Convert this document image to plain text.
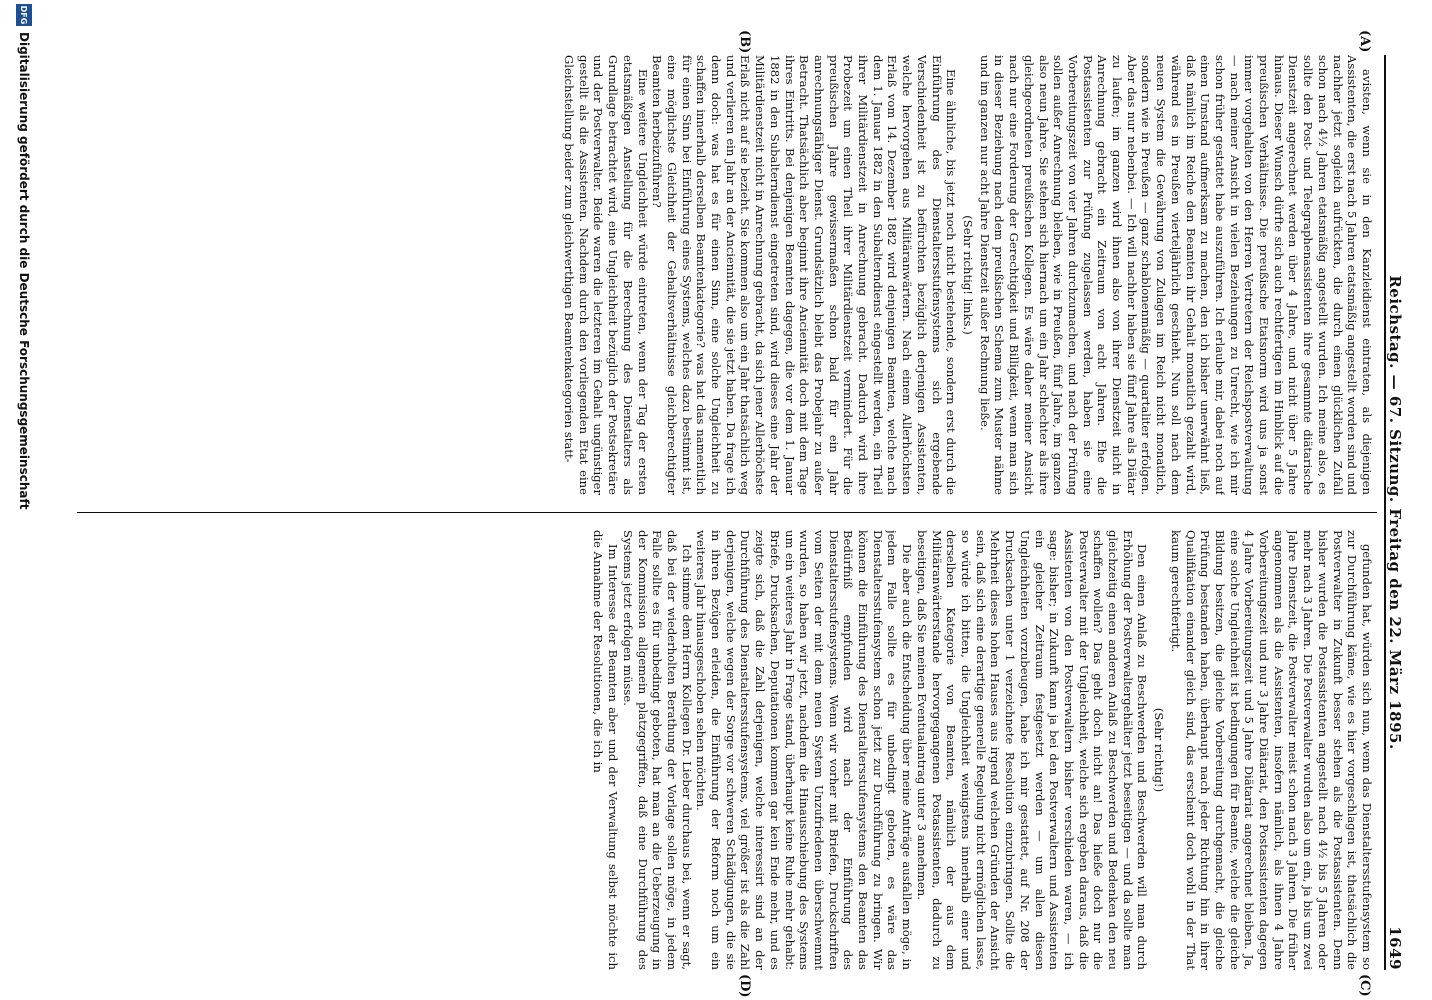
Reichstag. — 67. Sitzung. Freitag den 22. März 1895.
1649
(A)
(B)
(C)
(D)

avisten, wenn sie in den Kanzleidienst eintraten, als diejenigen Assistenten, die erst nach 5 Jahren etatsmäßig angestellt worden sind und nachher jetzt sogleich aufrückten, die durch einen glücklichen Zufall schon nach 4½ Jahren etatsmäßig angestellt wurden. Ich meine also, es sollte den Post- und Telegraphenassistenten ihre gesammte diätarische Dienstzeit angerechnet werden über 4 Jahre, und nicht über 5 Jahre hinaus. Dieser Wunsch dürfte sich auch rechtfertigen im Hinblick auf die preußischen Verhältnisse. Die preußische Etatsnorm wird uns ja sonst immer vorgehalten von den Herren Vertretern der Reichspostverwaltung — nach meiner Ansicht in vielen Beziehungen zu Unrecht, wie ich mir schon früher gestattet habe auszuführen. Ich erlaube mir, dabei noch auf einen Umstand aufmerksam zu machen, den ich bisher unerwähnt ließ, daß nämlich im Reiche den Beamten ihr Gehalt monatlich gezahlt wird, während es in Preußen vierteljährlich geschieht. Nun soll nach dem neuen System die Gewährung von Zulagen im Reich nicht monatlich, sondern wie in Preußen — ganz schablonenmäßig — quartaliter erfolgen. Aber das nur nebenbei. — Ich will nachher haben sie fünf Jahre als Diätar zu laufen; im ganzen wird ihnen also von ihrer Dienstzeit nicht in Anrechnung gebracht ein Zeitraum von acht Jahren. Ehe die Postassistenten zur Prüfung zugelassen werden, haben sie eine Vorbereitungszeit von vier Jahren durchzumachen, und nach der Prüfung sollen außer Anrechnung bleiben, wie in Preußen, fünf Jahre, im ganzen also neun Jahre. Sie stehen sich hiernach um ein Jahr schlechter als ihre gleichgeordneten preußischen Kollegen. Es wäre daher meiner Ansicht nach nur eine Forderung der Gerechtigkeit und Billigkeit, wenn man sich in dieser Beziehung nach dem preußischen Schema zum Muster nähme und im ganzen nur acht Jahre Dienstzeit außer Rechnung ließe.

(Sehr richtig! links.)

Eine ähnliche, bis jetzt noch nicht bestehende, sondern erst durch die Einführung des Dienstaltersstufensystems sich ergebende Verschiedenheit ist zu befürchten bezüglich derjenigen Assistenten, welche hervorgehen aus Militäranwärtern. Nach einem Allerhöchsten Erlaß vom 14. Dezember 1882 wird denjenigen Beamten, welche nach dem 1. Januar 1882 in den Subalterndienst eingestellt werden, ein Theil ihrer Militärdienstzeit in Anrechnung gebracht. Dadurch wird ihre Probezeit um einen Theil ihrer Militärdienstzeit vermindert. Für die preußischen Jahre gewissermaßen schon bald für ein Jahr anrechnungsfähiger Dienst. Grundsätzlich bleibt das Probejahr zu außer Betracht. Thatsächlich aber beginnt ihre Anciennität doch mit dem Tage ihres Eintritts. Bei denjenigen Beamten dagegen, die vor dem 1. Januar 1882 in den Subalterndienst eingetreten sind, wird dieses eine Jahr der Militärdienstzeit nicht in Anrechnung gebracht, da sich jener Allerhöchste Erlaß nicht auf sie bezieht. Sie kommen also um ein Jahr thatsächlich weg und verlieren ein Jahr an der Anciennität, die sie jetzt haben. Da frage ich denn doch: was hat es für einen Sinn, eine solche Ungleichheit zu schaffen innerhalb derselben Beamtenkategorie? was hat das namentlich für einen Sinn bei Einführung eines Systems, welches dazu bestimmt ist, eine möglichste Gleichheit der Gehaltsverhältnisse gleichberechtigter Beamten herbeizuführen?

Eine weitere Ungleichheit würde eintreten, wenn der Tag der ersten etatsmäßigen Anstellung für die Berechnung des Dienstalters als Grundlage betrachtet wird, eine Ungleichheit bezüglich der Postsekretäre und der Postverwalter. Beide waren die letzteren im Gehalt ungünstiger gestellt als die Assistenten. Nachdem durch den vorliegenden Etat eine Gleichstellung beider zum gleichwerthigen Beamtenkategorien statt-

gefunden hat, würden sich nun, wenn das Dienstaltersstufensystem so zur Durchführung käme, wie es hier vorgeschlagen ist, thatsächlich die Postverwalter in Zukunft besser stehen als die Postassistenten. Denn bisher wurden die Postassistenten angestellt nach 4½ bis 5 Jahren oder mehr nach 3 Jahren. Die Postverwalter wurden also um ein, ja bis um zwei Jahre Dienstzeit, die Postverwalter meist schon nach 3 Jahren. Die früher angenommen als die Assistenten, insofern nämlich, als ihnen 4 Jahre Vorbereitungszeit und nur 3 Jahre Diätariat, den Postassistenten dagegen 4 Jahre Vorbereitungszeit und 5 Jahre Diätariat angerechnet bleiben. Ja, eine solche Ungleichheit ist bedingungen für Beamte, welche die gleiche Bildung besitzen, die gleiche Vorbereitung durchgemacht, die gleiche Prüfung bestanden haben, überhaupt nach jeder Richtung hin in ihrer Qualifikation einander gleich sind, das erscheint doch wohl in der That kaum gerechtfertigt.

(Sehr richtig!)

Den einen Anlaß zu Beschwerden und Beschwerden will man durch Erhöhung der Postverwaltergehälter jetzt beseitigen — und da sollte man gleichzeitig einen anderen Anlaß zu Beschwerden und Bedenken den neu schaffen wollen? Das geht doch nicht an! Das hieße doch nur die Postverwalter mit der Ungleichheit, welche sich ergeben daraus, daß die Assistenten von den Postverwaltern bisher verschieden waren, — ich sage: bisher; in Zukunft kann ja bei den Postverwaltern und Assistenten ein gleicher Zeitraum festgesetzt werden — um allen diesen Ungleichheiten vorzubeugen, habe ich mir gestattet, auf Nr. 208 der Drucksachen unter 1 verzeichnete Resolution einzubringen. Sollte die Mehrheit dieses hohen Hauses aus irgend welchen Gründen der Ansicht sein, daß sich eine derartige generelle Regelung nicht ermöglichen lasse, so würde ich bitten, die Ungleichheit wenigstens innerhalb einer und derselben Kategorie von Beamten, nämlich der aus dem Militäranwärterstande hervorgegangenen Postassistenten, dadurch zu beseitigen, daß Sie meinen Eventualantrag unter 3 annehmen.

Die aber auch die Entscheidung über meine Anträge ausfallen möge, in jedem Falle sollte es für unbedingt geboten, es wäre das Dienstaltersstufensystem schon jetzt zur Durchführung zu bringen. Wir können die Einführung des Dienstaltersstufensystems den Beamten das Bedürfniß empfunden wird nach der Einführung des Dienstaltersstufensystems. Wenn wir vorher mit Briefen, Druckschriften vom Seiten der mit dem neuen System Unzufriedenen überschwemmt wurden, so haben wir jetzt, nachdem die Hinausschiebung des Systems um ein weiteres Jahr in Frage stand, überhaupt keine Ruhe mehr gehabt: Briefe, Drucksachen, Deputationen kommen gar kein Ende mehr, und es zeigte sich, daß die Zahl derjenigen, welche interessirt sind an der Durchführung des Dienstaltersstufensystems, viel größer ist als die Zahl derjenigen, welche wegen der Sorge vor schweren Schädigungen, die sie in ihren Bezügen erleiden, die Einführung der Reform noch um ein weiteres Jahr hinausgeschoben sehen möchten.

Ich stimme dem Herrn Kollegen Dr. Lieber durchaus bei, wenn er sagt, daß bei der wiederholten Berathung der Vorlage sollen möge, in jedem Falle sollte es für unbedingt geboten, hat man an die Ueberzeugung in der Kommission allgemein platzgegriffen, daß eine Durchführung des Systems jetzt erfolgen müsse.

Im Interesse der Beamten aber und der Verwaltung selbst möchte ich die Annahme der Resolutionen, die ich in

DFG
Digitalisierung gefördert durch die Deutsche Forschungsgemeinschaft
